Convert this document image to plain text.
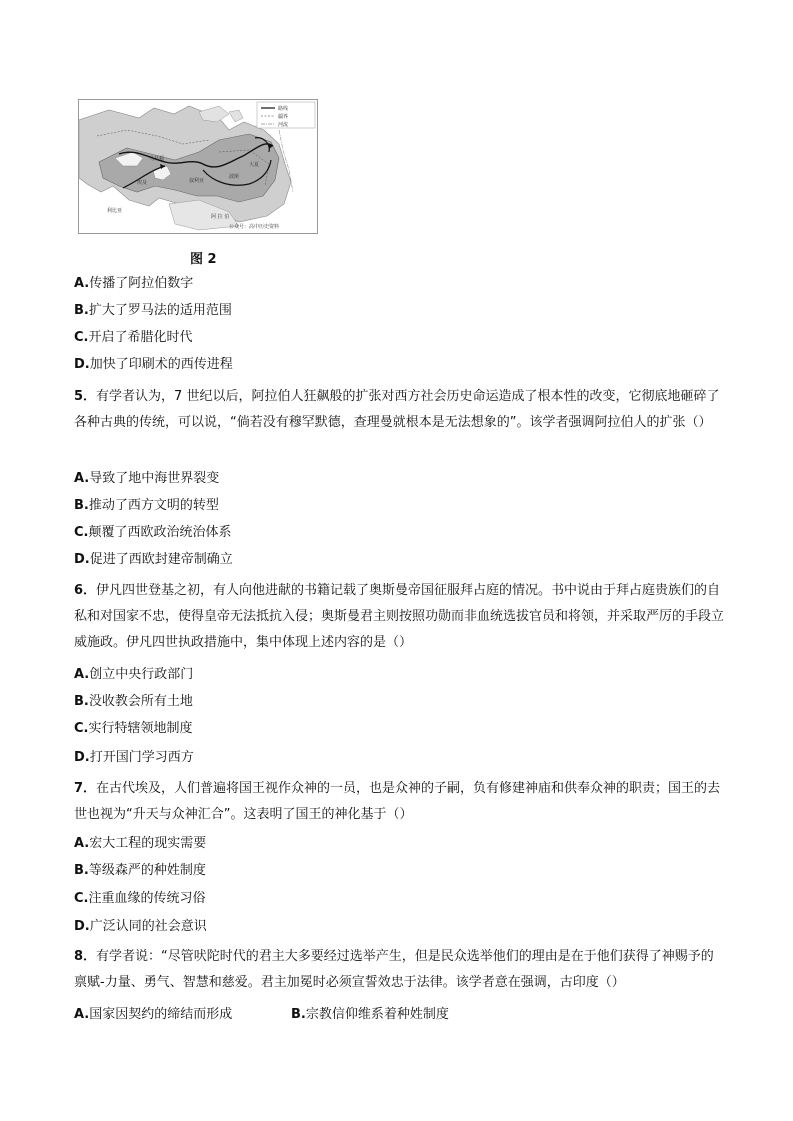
马其顿
埃及	叙利亚
波斯
大夏
利比亚
阿 拉 伯
路线
疆界
河流
公众号：高中历史资料
图 2
A.传播了阿拉伯数字
B.扩大了罗马法的适用范围
C.开启了希腊化时代
D.加快了印刷术的西传进程
5．有学者认为，7 世纪以后，阿拉伯人狂飙般的扩张对西方社会历史命运造成了根本性的改变，它彻底地砸碎了各种古典的传统，可以说，“倘若没有穆罕默德，查理曼就根本是无法想象的”。该学者强调阿拉伯人的扩张（）
A.导致了地中海世界裂变
B.推动了西方文明的转型
C.颠覆了西欧政治统治体系
D.促进了西欧封建帝制确立
6．伊凡四世登基之初，有人向他进献的书籍记载了奥斯曼帝国征服拜占庭的情况。书中说由于拜占庭贵族们的自私和对国家不忠，使得皇帝无法抵抗入侵；奥斯曼君主则按照功勋而非血统选拔官员和将领，并采取严厉的手段立威施政。伊凡四世执政措施中，集中体现上述内容的是（）
A.创立中央行政部门
B.没收教会所有土地
C.实行特辖领地制度
D.打开国门学习西方
7．在古代埃及，人们普遍将国王视作众神的一员，也是众神的子嗣，负有修建神庙和供奉众神的职责；国王的去世也视为“升天与众神汇合”。这表明了国王的神化基于（）
A.宏大工程的现实需要
B.等级森严的种姓制度
C.注重血缘的传统习俗
D.广泛认同的社会意识
8．有学者说：“尽管吠陀时代的君主大多要经过选举产生，但是民众选举他们的理由是在于他们获得了神赐予的禀赋-力量、勇气、智慧和慈爱。君主加冕时必须宣誓效忠于法律。该学者意在强调，古印度（）
A.国家因契约的缔结而形成	B.宗教信仰维系着种姓制度
